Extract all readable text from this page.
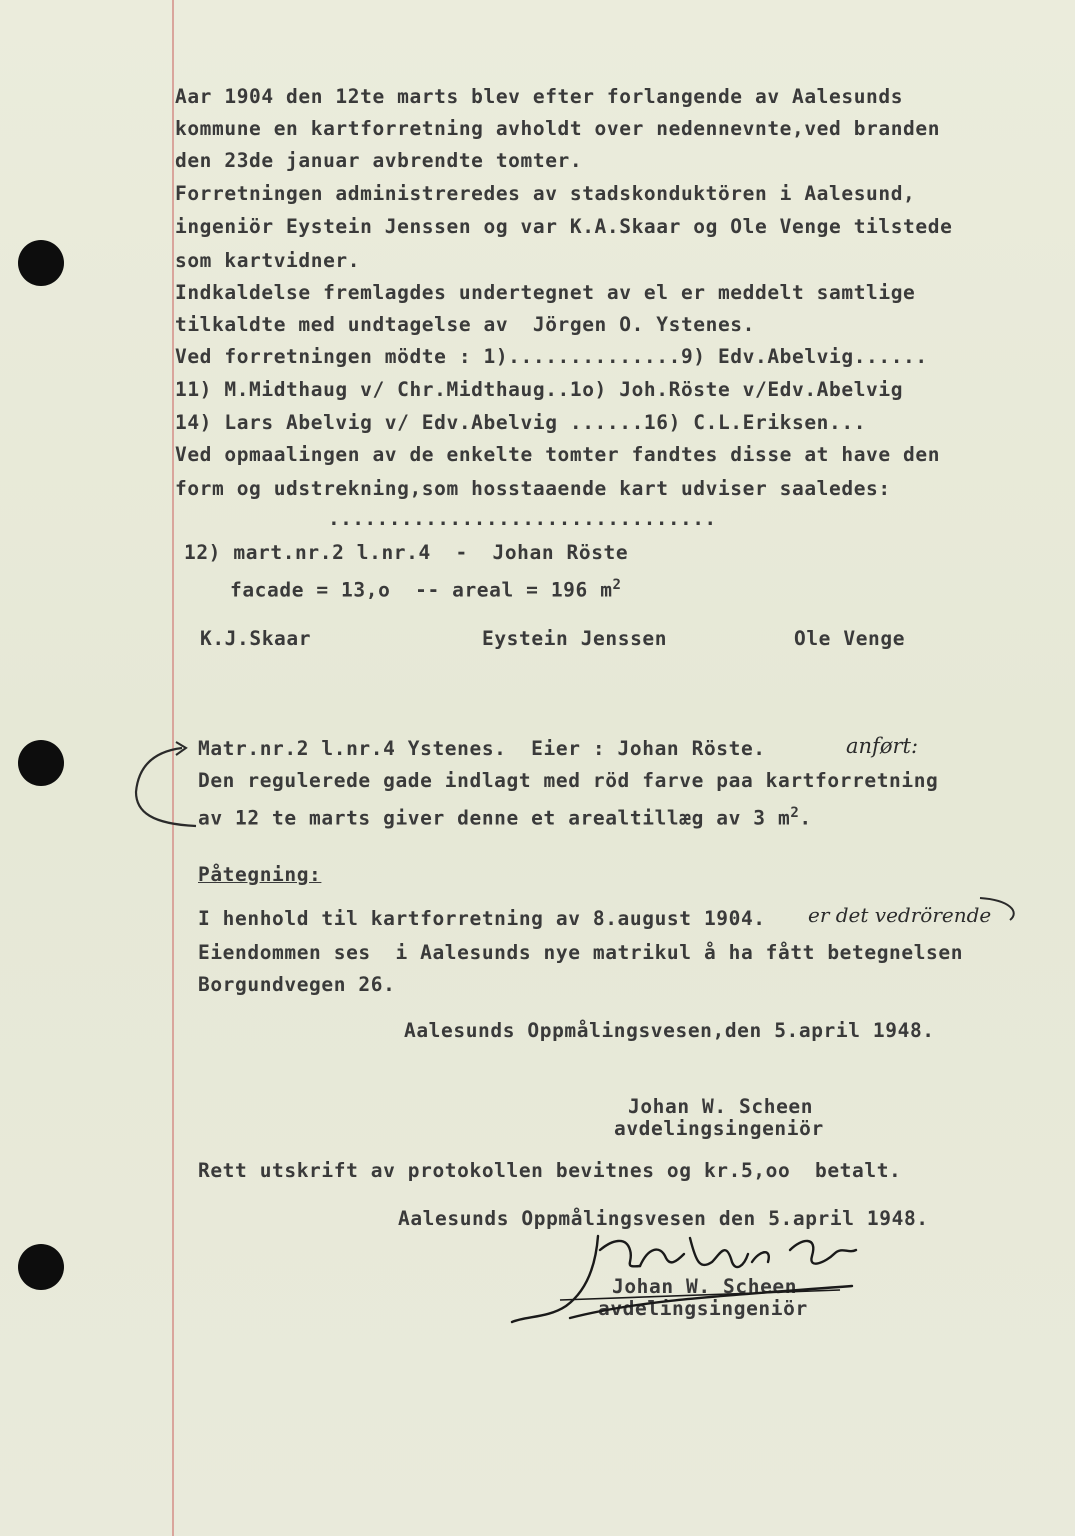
Aar 1904 den 12te marts blev efter forlangende av Aalesunds
kommune en kartforretning avholdt over nedennevnte,ved branden
den 23de januar avbrendte tomter.
Forretningen administreredes av stadskonduktören i Aalesund,
ingeniör Eystein Jenssen og var K.A.Skaar og Ole Venge tilstede
som kartvidner.
Indkaldelse fremlagdes undertegnet av el er meddelt samtlige
tilkaldte med undtagelse av  Jörgen O. Ystenes.
Ved forretningen mödte : 1)..............9) Edv.Abelvig......
11) M.Midthaug v/ Chr.Midthaug..1o) Joh.Röste v/Edv.Abelvig
14) Lars Abelvig v/ Edv.Abelvig ......16) C.L.Eriksen...
Ved opmaalingen av de enkelte tomter fandtes disse at have den
form og udstrekning,som hosstaaende kart udviser saaledes:
................................
12) mart.nr.2 l.nr.4  -  Johan Röste
facade = 13,o  -- areal = 196 $m^2$
K.J.Skaar	Eystein Jenssen	Ole Venge
Matr.nr.2 l.nr.4 Ystenes.  Eier : Johan Röste.	anført:
Den regulerede gade indlagt med röd farve paa kartforretning
av 12 te marts giver denne et arealtillæg av 3 $m^2$.
Påtegning:
I henhold til kartforretning av 8.august 1904. er det vedrörende
Eiendommen ses  i Aalesunds nye matrikul å ha fått betegnelsen
Borgundvegen 26.
Aalesunds Oppmålingsvesen,den 5.april 1948.
Johan W. Scheen
avdelingsingeniör
Rett utskrift av protokollen bevitnes og kr.5,oo  betalt.
Aalesunds Oppmålingsvesen den 5.april 1948.
Johan W. Scheen
avdelingsingeniör
